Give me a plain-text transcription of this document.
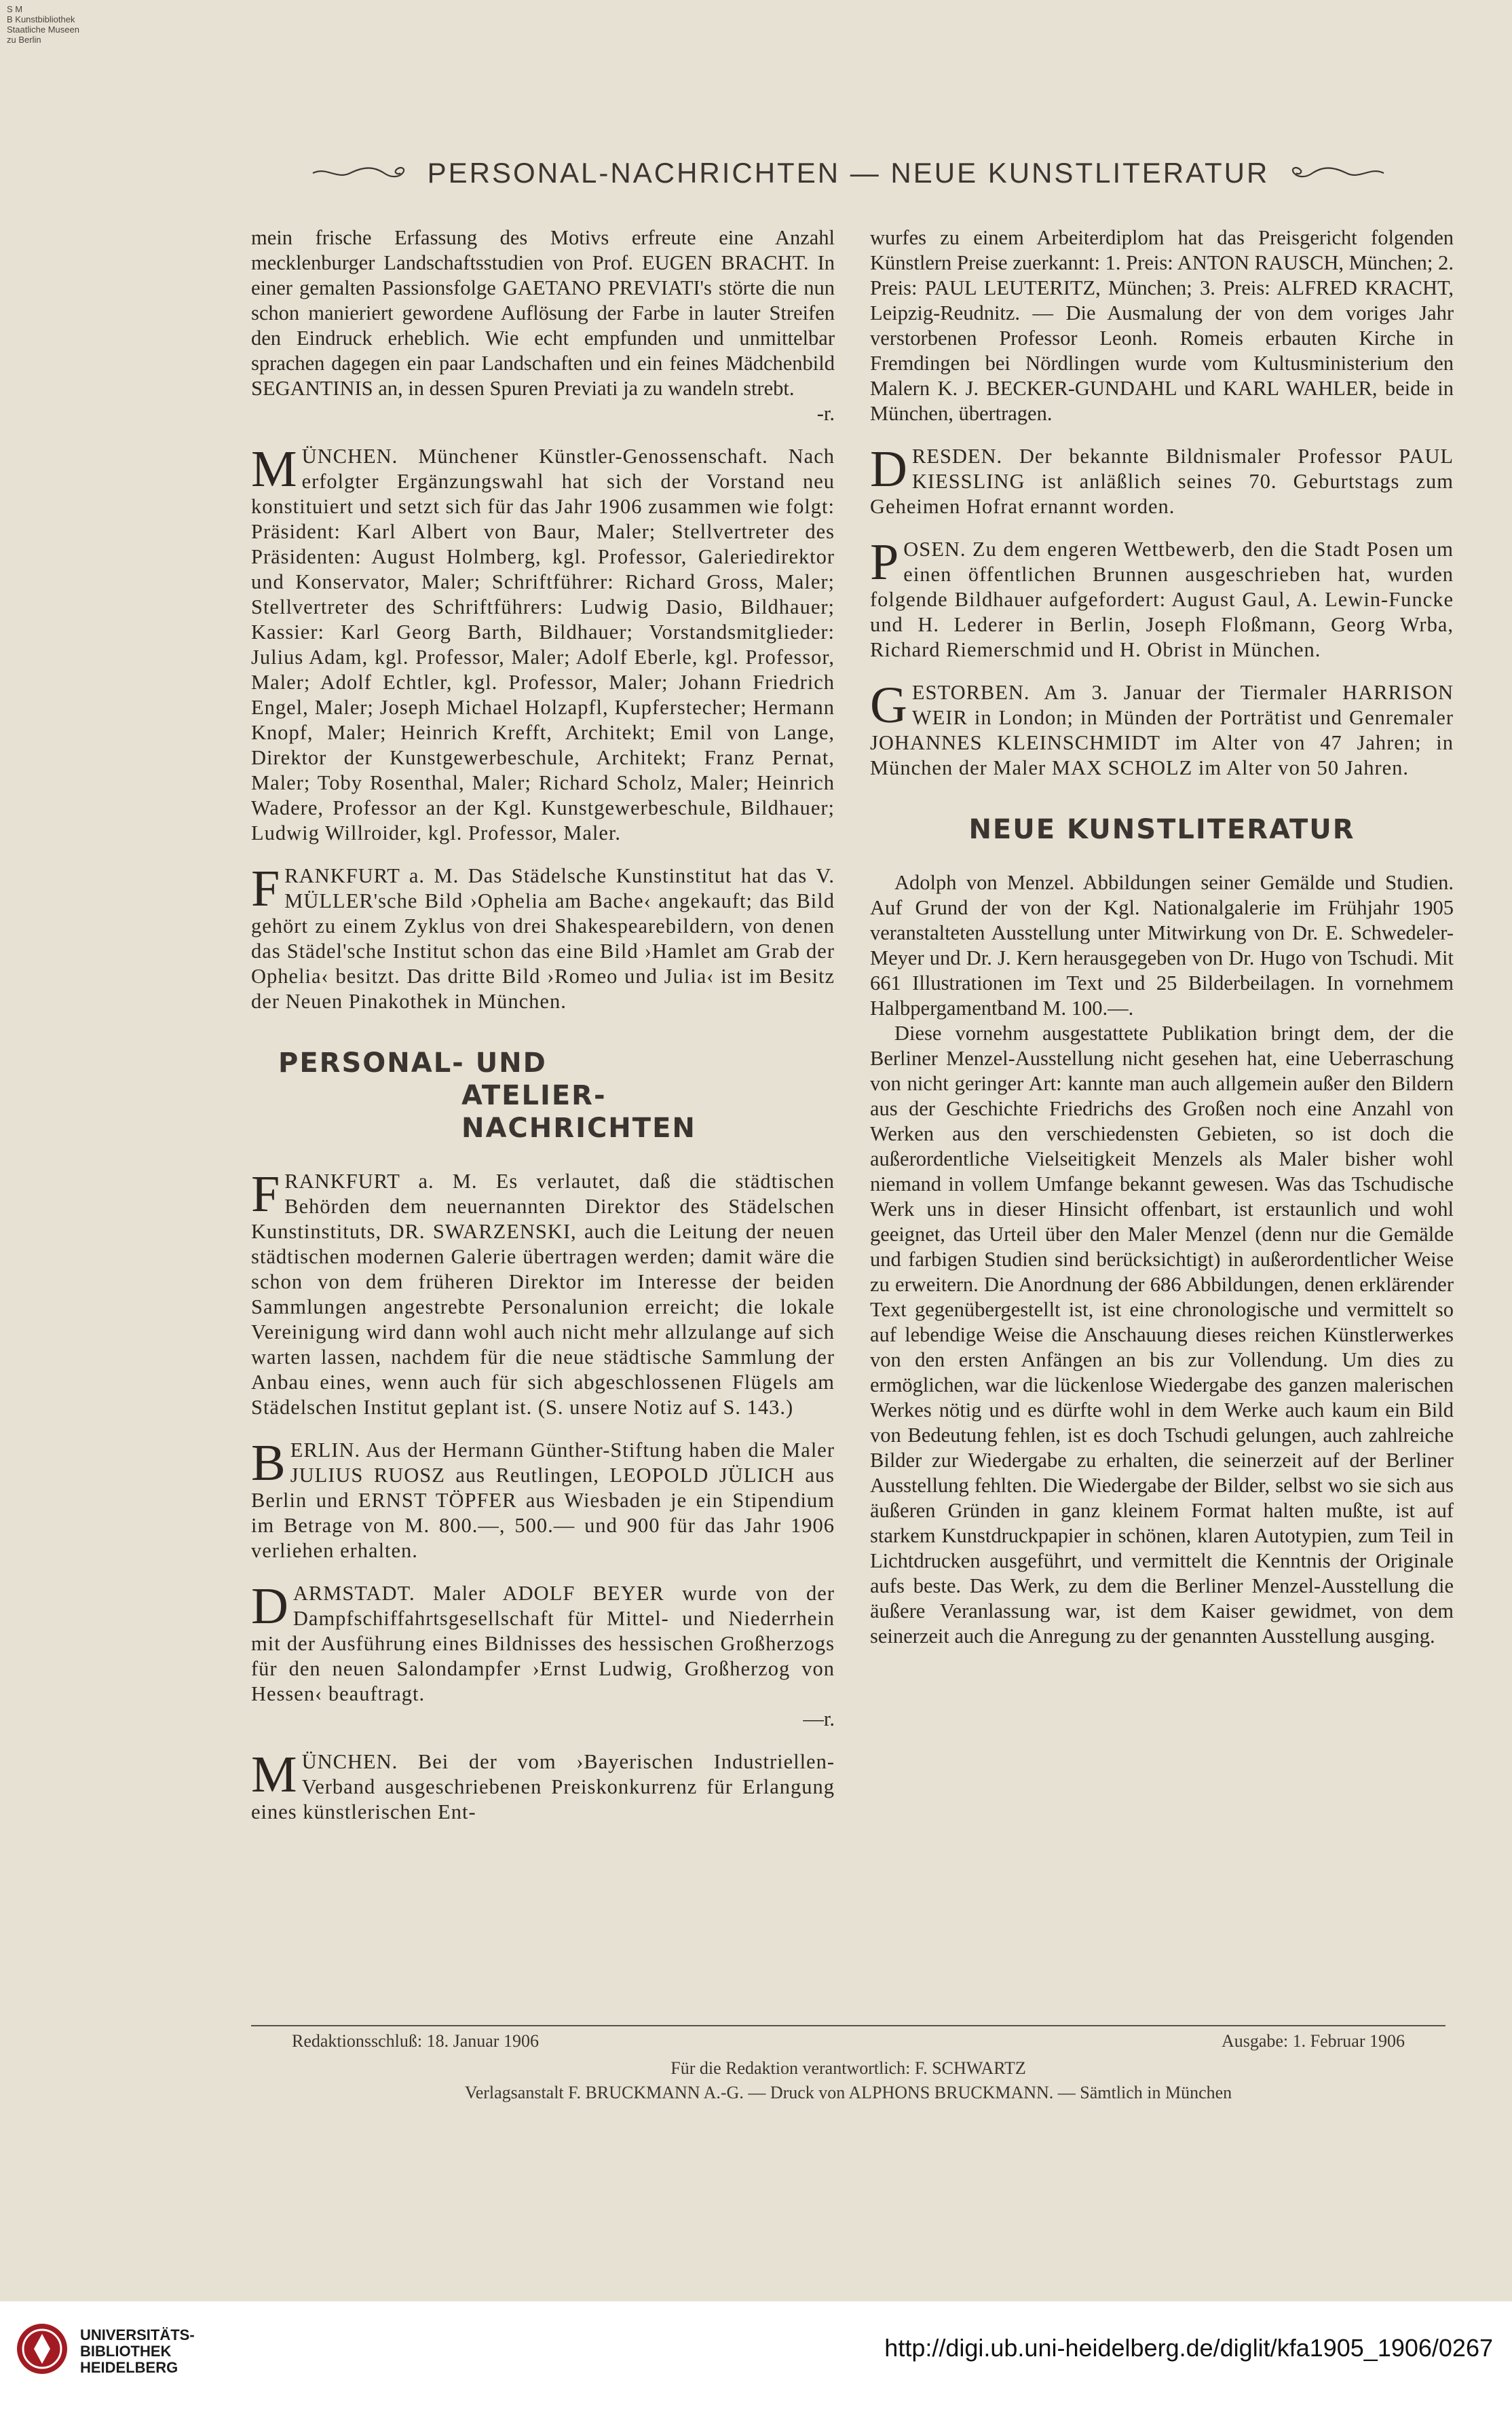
S M
B Kunstbibliothek
Staatliche Museen
zu Berlin
PERSONAL-NACHRICHTEN — NEUE KUNSTLITERATUR

mein frische Erfassung des Motivs erfreute eine Anzahl mecklenburger Landschaftsstudien von Prof. EUGEN BRACHT. In einer gemalten Passionsfolge GAETANO PREVIATI's störte die nun schon manieriert gewordene Auflösung der Farbe in lauter Streifen den Eindruck erheblich. Wie echt empfunden und unmittelbar sprachen dagegen ein paar Landschaften und ein feines Mädchenbild SEGANTINIS an, in dessen Spuren Previati ja zu wandeln strebt.

-r.

MÜNCHEN. Münchener Künstler-Genossenschaft. Nach erfolgter Ergänzungswahl hat sich der Vorstand neu konstituiert und setzt sich für das Jahr 1906 zusammen wie folgt: Präsident: Karl Albert von Baur, Maler; Stellvertreter des Präsidenten: August Holmberg, kgl. Professor, Galeriedirektor und Konservator, Maler; Schriftführer: Richard Gross, Maler; Stellvertreter des Schriftführers: Ludwig Dasio, Bildhauer; Kassier: Karl Georg Barth, Bildhauer; Vorstandsmitglieder: Julius Adam, kgl. Professor, Maler; Adolf Eberle, kgl. Professor, Maler; Adolf Echtler, kgl. Professor, Maler; Johann Friedrich Engel, Maler; Joseph Michael Holzapfl, Kupferstecher; Hermann Knopf, Maler; Heinrich Krefft, Architekt; Emil von Lange, Direktor der Kunstgewerbeschule, Architekt; Franz Pernat, Maler; Toby Rosenthal, Maler; Richard Scholz, Maler; Heinrich Wadere, Professor an der Kgl. Kunstgewerbeschule, Bildhauer; Ludwig Willroider, kgl. Professor, Maler.

FRANKFURT a. M. Das Städelsche Kunstinstitut hat das V. MÜLLER'sche Bild ›Ophelia am Bache‹ angekauft; das Bild gehört zu einem Zyklus von drei Shakespearebildern, von denen das Städel'sche Institut schon das eine Bild ›Hamlet am Grab der Ophelia‹ besitzt. Das dritte Bild ›Romeo und Julia‹ ist im Besitz der Neuen Pinakothek in München.

PERSONAL- UND
ATELIER-NACHRICHTEN

FRANKFURT a. M. Es verlautet, daß die städtischen Behörden dem neuernannten Direktor des Städelschen Kunstinstituts, DR. SWARZENSKI, auch die Leitung der neuen städtischen modernen Galerie übertragen werden; damit wäre die schon von dem früheren Direktor im Interesse der beiden Sammlungen angestrebte Personalunion erreicht; die lokale Vereinigung wird dann wohl auch nicht mehr allzulange auf sich warten lassen, nachdem für die neue städtische Sammlung der Anbau eines, wenn auch für sich abgeschlossenen Flügels am Städelschen Institut geplant ist. (S. unsere Notiz auf S. 143.)

BERLIN. Aus der Hermann Günther-Stiftung haben die Maler JULIUS RUOSZ aus Reutlingen, LEOPOLD JÜLICH aus Berlin und ERNST TÖPFER aus Wiesbaden je ein Stipendium im Betrage von M. 800.—, 500.— und 900 für das Jahr 1906 verliehen erhalten.

DARMSTADT. Maler ADOLF BEYER wurde von der Dampfschiffahrtsgesellschaft für Mittel- und Niederrhein mit der Ausführung eines Bildnisses des hessischen Großherzogs für den neuen Salondampfer ›Ernst Ludwig, Großherzog von Hessen‹ beauftragt.

—r.

MÜNCHEN. Bei der vom ›Bayerischen Industriellen-Verband ausgeschriebenen Preiskonkurrenz für Erlangung eines künstlerischen Ent-

wurfes zu einem Arbeiterdiplom hat das Preisgericht folgenden Künstlern Preise zuerkannt: 1. Preis: ANTON RAUSCH, München; 2. Preis: PAUL LEUTERITZ, München; 3. Preis: ALFRED KRACHT, Leipzig-Reudnitz. — Die Ausmalung der von dem voriges Jahr verstorbenen Professor Leonh. Romeis erbauten Kirche in Fremdingen bei Nördlingen wurde vom Kultusministerium den Malern K. J. BECKER-GUNDAHL und KARL WAHLER, beide in München, übertragen.

DRESDEN. Der bekannte Bildnismaler Professor PAUL KIESSLING ist anläßlich seines 70. Geburtstags zum Geheimen Hofrat ernannt worden.

POSEN. Zu dem engeren Wettbewerb, den die Stadt Posen um einen öffentlichen Brunnen ausgeschrieben hat, wurden folgende Bildhauer aufgefordert: August Gaul, A. Lewin-Funcke und H. Lederer in Berlin, Joseph Floßmann, Georg Wrba, Richard Riemerschmid und H. Obrist in München.

GESTORBEN. Am 3. Januar der Tiermaler HARRISON WEIR in London; in Münden der Porträtist und Genremaler JOHANNES KLEINSCHMIDT im Alter von 47 Jahren; in München der Maler MAX SCHOLZ im Alter von 50 Jahren.

NEUE KUNSTLITERATUR

Adolph von Menzel. Abbildungen seiner Gemälde und Studien. Auf Grund der von der Kgl. Nationalgalerie im Frühjahr 1905 veranstalteten Ausstellung unter Mitwirkung von Dr. E. Schwedeler-Meyer und Dr. J. Kern herausgegeben von Dr. Hugo von Tschudi. Mit 661 Illustrationen im Text und 25 Bilderbeilagen. In vornehmem Halbpergamentband M. 100.—.

Diese vornehm ausgestattete Publikation bringt dem, der die Berliner Menzel-Ausstellung nicht gesehen hat, eine Ueberraschung von nicht geringer Art: kannte man auch allgemein außer den Bildern aus der Geschichte Friedrichs des Großen noch eine Anzahl von Werken aus den verschiedensten Gebieten, so ist doch die außerordentliche Vielseitigkeit Menzels als Maler bisher wohl niemand in vollem Umfange bekannt gewesen. Was das Tschudische Werk uns in dieser Hinsicht offenbart, ist erstaunlich und wohl geeignet, das Urteil über den Maler Menzel (denn nur die Gemälde und farbigen Studien sind berücksichtigt) in außerordentlicher Weise zu erweitern. Die Anordnung der 686 Abbildungen, denen erklärender Text gegenübergestellt ist, ist eine chronologische und vermittelt so auf lebendige Weise die Anschauung dieses reichen Künstlerwerkes von den ersten Anfängen an bis zur Vollendung. Um dies zu ermöglichen, war die lückenlose Wiedergabe des ganzen malerischen Werkes nötig und es dürfte wohl in dem Werke auch kaum ein Bild von Bedeutung fehlen, ist es doch Tschudi gelungen, auch zahlreiche Bilder zur Wiedergabe zu erhalten, die seinerzeit auf der Berliner Ausstellung fehlten. Die Wiedergabe der Bilder, selbst wo sie sich aus äußeren Gründen in ganz kleinem Format halten mußte, ist auf starkem Kunstdruckpapier in schönen, klaren Autotypien, zum Teil in Lichtdrucken ausgeführt, und vermittelt die Kenntnis der Originale aufs beste. Das Werk, zu dem die Berliner Menzel-Ausstellung die äußere Veranlassung war, ist dem Kaiser gewidmet, von dem seinerzeit auch die Anregung zu der genannten Ausstellung ausging.

Redaktionsschluß: 18. Januar 1906	Ausgabe: 1. Februar 1906
Für die Redaktion verantwortlich: F. SCHWARTZ
Verlagsanstalt F. BRUCKMANN A.-G. — Druck von ALPHONS BRUCKMANN. — Sämtlich in München
UNIVERSITÄTS-
BIBLIOTHEK
HEIDELBERG
http://digi.ub.uni-heidelberg.de/diglit/kfa1905_1906/0267
